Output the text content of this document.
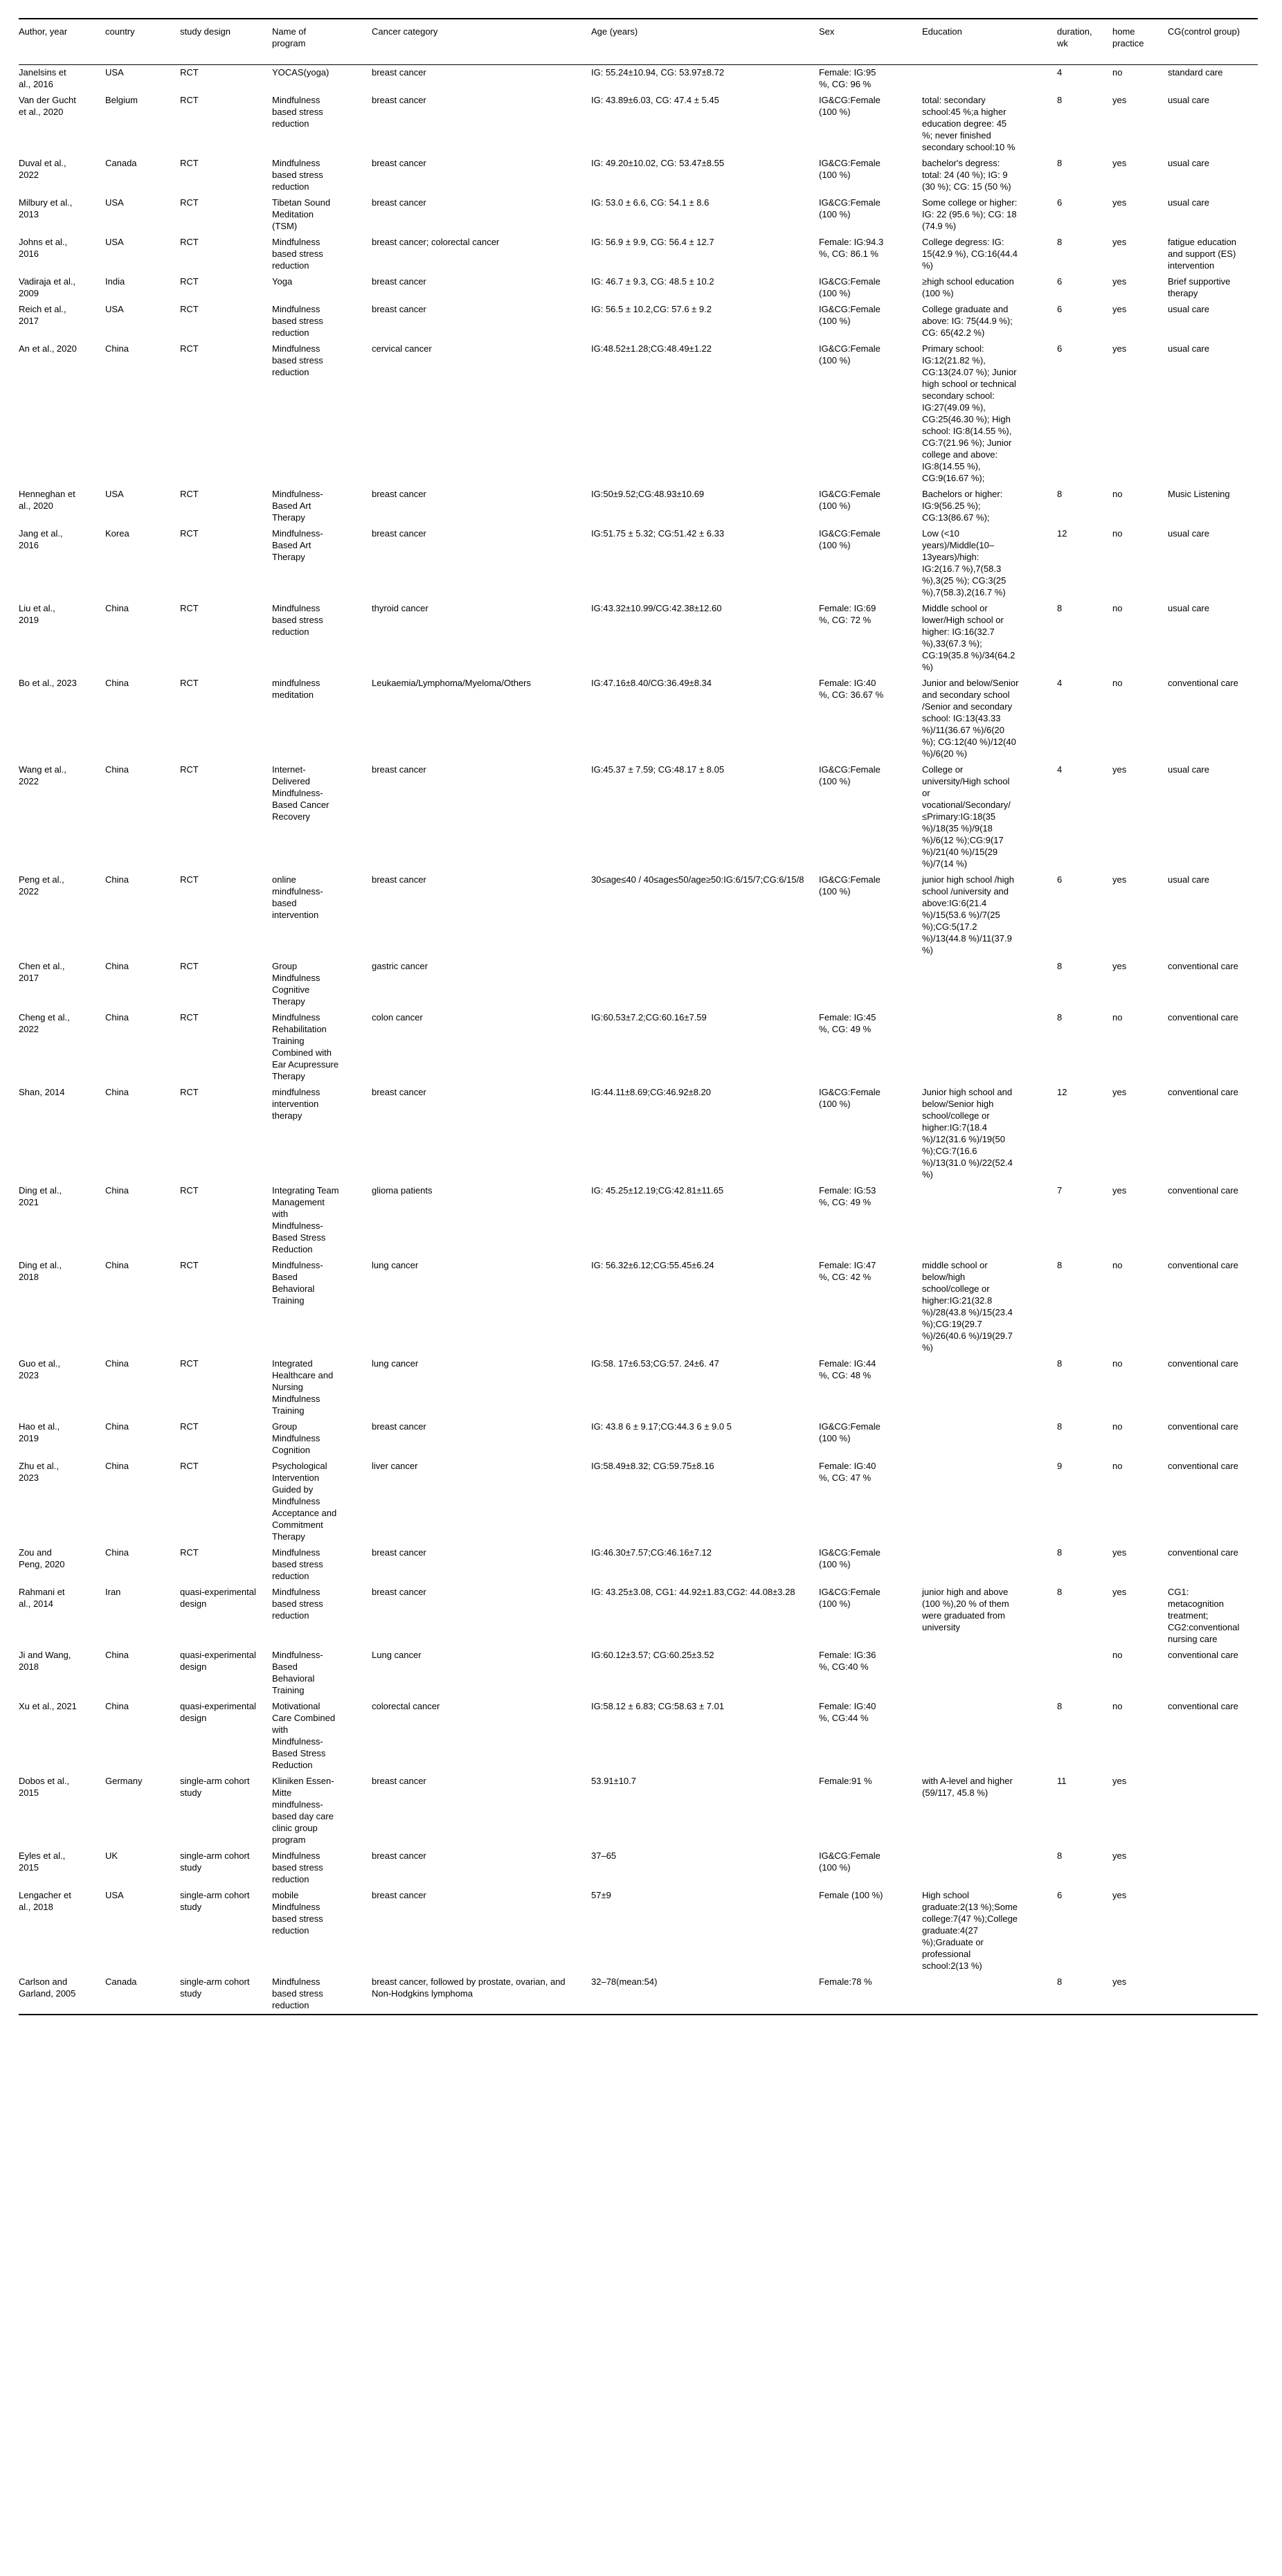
Author, year	country	study design	Name of program	Cancer category	Age (years)	Sex	Education	duration, wk	home practice	CG(control group)
Janelsins et al., 2016	USA	RCT	YOCAS(yoga)	breast cancer	IG: 55.24±10.94, CG: 53.97±8.72	Female: IG:95 %, CG: 96 %		4	no	standard care
Van der Gucht et al., 2020	Belgium	RCT	Mindfulness based stress reduction	breast cancer	IG: 43.89±6.03, CG: 47.4 ± 5.45	IG&CG:Female (100 %)	total: secondary school:45 %;a higher education degree: 45 %; never finished secondary school:10 %	8	yes	usual care
Duval et al., 2022	Canada	RCT	Mindfulness based stress reduction	breast cancer	IG: 49.20±10.02, CG: 53.47±8.55	IG&CG:Female (100 %)	bachelor's degress: total: 24 (40 %); IG: 9 (30 %); CG: 15 (50 %)	8	yes	usual care
Milbury et al., 2013	USA	RCT	Tibetan Sound Meditation (TSM)	breast cancer	IG: 53.0 ± 6.6, CG: 54.1 ± 8.6	IG&CG:Female (100 %)	Some college or higher: IG: 22 (95.6 %); CG: 18 (74.9 %)	6	yes	usual care
Johns et al., 2016	USA	RCT	Mindfulness based stress reduction	breast cancer; colorectal cancer	IG: 56.9 ± 9.9, CG: 56.4 ± 12.7	Female: IG:94.3 %, CG: 86.1 %	College degress: IG: 15(42.9 %), CG:16(44.4 %)	8	yes	fatigue education and support (ES) intervention
Vadiraja et al., 2009	India	RCT	Yoga	breast cancer	IG: 46.7 ± 9.3, CG: 48.5 ± 10.2	IG&CG:Female (100 %)	≥high school education (100 %)	6	yes	Brief supportive therapy
Reich et al., 2017	USA	RCT	Mindfulness based stress reduction	breast cancer	IG: 56.5 ± 10.2,CG: 57.6 ± 9.2	IG&CG:Female (100 %)	College graduate and above: IG: 75(44.9 %); CG: 65(42.2 %)	6	yes	usual care
An et al., 2020	China	RCT	Mindfulness based stress reduction	cervical cancer	IG:48.52±1.28;CG:48.49±1.22	IG&CG:Female (100 %)	Primary school: IG:12(21.82 %), CG:13(24.07 %); Junior high school or technical secondary school: IG:27(49.09 %), CG:25(46.30 %); High school: IG:8(14.55 %), CG:7(21.96 %); Junior college and above: IG:8(14.55 %), CG:9(16.67 %);	6	yes	usual care
Henneghan et al., 2020	USA	RCT	Mindfulness-Based Art Therapy	breast cancer	IG:50±9.52;CG:48.93±10.69	IG&CG:Female (100 %)	Bachelors or higher: IG:9(56.25 %); CG:13(86.67 %);	8	no	Music Listening
Jang et al., 2016	Korea	RCT	Mindfulness-Based Art Therapy	breast cancer	IG:51.75 ± 5.32; CG:51.42 ± 6.33	IG&CG:Female (100 %)	Low (<10 years)/Middle(10–13years)/high: IG:2(16.7 %),7(58.3 %),3(25 %); CG:3(25 %),7(58.3),2(16.7 %)	12	no	usual care
Liu et al., 2019	China	RCT	Mindfulness based stress reduction	thyroid cancer	IG:43.32±10.99/CG:42.38±12.60	Female: IG:69 %, CG: 72 %	Middle school or lower/High school or higher: IG:16(32.7 %),33(67.3 %); CG:19(35.8 %)/34(64.2 %)	8	no	usual care
Bo et al., 2023	China	RCT	mindfulness meditation	Leukaemia/Lymphoma/Myeloma/Others	IG:47.16±8.40/CG:36.49±8.34	Female: IG:40 %, CG: 36.67 %	Junior and below/Senior and secondary school /Senior and secondary school: IG:13(43.33 %)/11(36.67 %)/6(20 %); CG:12(40 %)/12(40 %)/6(20 %)	4	no	conventional care
Wang et al., 2022	China	RCT	Internet-Delivered Mindfulness-Based Cancer Recovery	breast cancer	IG:45.37 ± 7.59; CG:48.17 ± 8.05	IG&CG:Female (100 %)	College or university/High school or vocational/Secondary/≤Primary:IG:18(35 %)/18(35 %)/9(18 %)/6(12 %);CG:9(17 %)/21(40 %)/15(29 %)/7(14 %)	4	yes	usual care
Peng et al., 2022	China	RCT	online mindfulness-based intervention	breast cancer	30≤age≤40 / 40≤age≤50/age≥50:IG:6/15/7;CG:6/15/8	IG&CG:Female (100 %)	junior high school /high school /university and above:IG:6(21.4 %)/15(53.6 %)/7(25 %);CG:5(17.2 %)/13(44.8 %)/11(37.9 %)	6	yes	usual care
Chen et al., 2017	China	RCT	Group Mindfulness Cognitive Therapy	gastric cancer				8	yes	conventional care
Cheng et al., 2022	China	RCT	Mindfulness Rehabilitation Training Combined with Ear Acupressure Therapy	colon cancer	IG:60.53±7.2;CG:60.16±7.59	Female: IG:45 %, CG: 49 %		8	no	conventional care
Shan, 2014	China	RCT	mindfulness intervention therapy	breast cancer	IG:44.11±8.69;CG:46.92±8.20	IG&CG:Female (100 %)	Junior high school and below/Senior high school/college or higher:IG:7(18.4 %)/12(31.6 %)/19(50 %);CG:7(16.6 %)/13(31.0 %)/22(52.4 %)	12	yes	conventional care
Ding et al., 2021	China	RCT	Integrating Team Management with Mindfulness-Based Stress Reduction	glioma patients	IG: 45.25±12.19;CG:42.81±11.65	Female: IG:53 %, CG: 49 %		7	yes	conventional care
Ding et al., 2018	China	RCT	Mindfulness-Based Behavioral Training	lung cancer	IG: 56.32±6.12;CG:55.45±6.24	Female: IG:47 %, CG: 42 %	middle school or below/high school/college or higher:IG:21(32.8 %)/28(43.8 %)/15(23.4 %);CG:19(29.7 %)/26(40.6 %)/19(29.7 %)	8	no	conventional care
Guo et al., 2023	China	RCT	Integrated Healthcare and Nursing Mindfulness Training	lung cancer	IG:58. 17±6.53;CG:57. 24±6. 47	Female: IG:44 %, CG: 48 %		8	no	conventional care
Hao et al., 2019	China	RCT	Group Mindfulness Cognition	breast cancer	IG: 43.8 6 ± 9.17;CG:44.3 6 ± 9.0 5	IG&CG:Female (100 %)		8	no	conventional care
Zhu et al., 2023	China	RCT	Psychological Intervention Guided by Mindfulness Acceptance and Commitment Therapy	liver cancer	IG:58.49±8.32; CG:59.75±8.16	Female: IG:40 %, CG: 47 %		9	no	conventional care
Zou and Peng, 2020	China	RCT	Mindfulness based stress reduction	breast cancer	IG:46.30±7.57;CG:46.16±7.12	IG&CG:Female (100 %)		8	yes	conventional care
Rahmani et al., 2014	Iran	quasi-experimental design	Mindfulness based stress reduction	breast cancer	IG: 43.25±3.08, CG1: 44.92±1.83,CG2: 44.08±3.28	IG&CG:Female (100 %)	junior high and above (100 %),20 % of them were graduated from university	8	yes	CG1: metacognition treatment; CG2:conventional nursing care
Ji and Wang, 2018	China	quasi-experimental design	Mindfulness-Based Behavioral Training	Lung cancer	IG:60.12±3.57; CG:60.25±3.52	Female: IG:36 %, CG:40 %			no	conventional care
Xu et al., 2021	China	quasi-experimental design	Motivational Care Combined with Mindfulness-Based Stress Reduction	colorectal cancer	IG:58.12 ± 6.83; CG:58.63 ± 7.01	Female: IG:40 %, CG:44 %		8	no	conventional care
Dobos et al., 2015	Germany	single-arm cohort study	Kliniken Essen-Mitte mindfulness-based day care clinic group program	breast cancer	53.91±10.7	Female:91 %	with A-level and higher (59/117, 45.8 %)	11	yes	
Eyles et al., 2015	UK	single-arm cohort study	Mindfulness based stress reduction	breast cancer	37–65	IG&CG:Female (100 %)		8	yes	
Lengacher et al., 2018	USA	single-arm cohort study	mobile Mindfulness based stress reduction	breast cancer	57±9	Female (100 %)	High school graduate:2(13 %);Some college:7(47 %);College graduate:4(27 %);Graduate or professional school:2(13 %)	6	yes	
Carlson and Garland, 2005	Canada	single-arm cohort study	Mindfulness based stress reduction	breast cancer, followed by prostate, ovarian, and Non-Hodgkins lymphoma	32–78(mean:54)	Female:78 %		8	yes	
